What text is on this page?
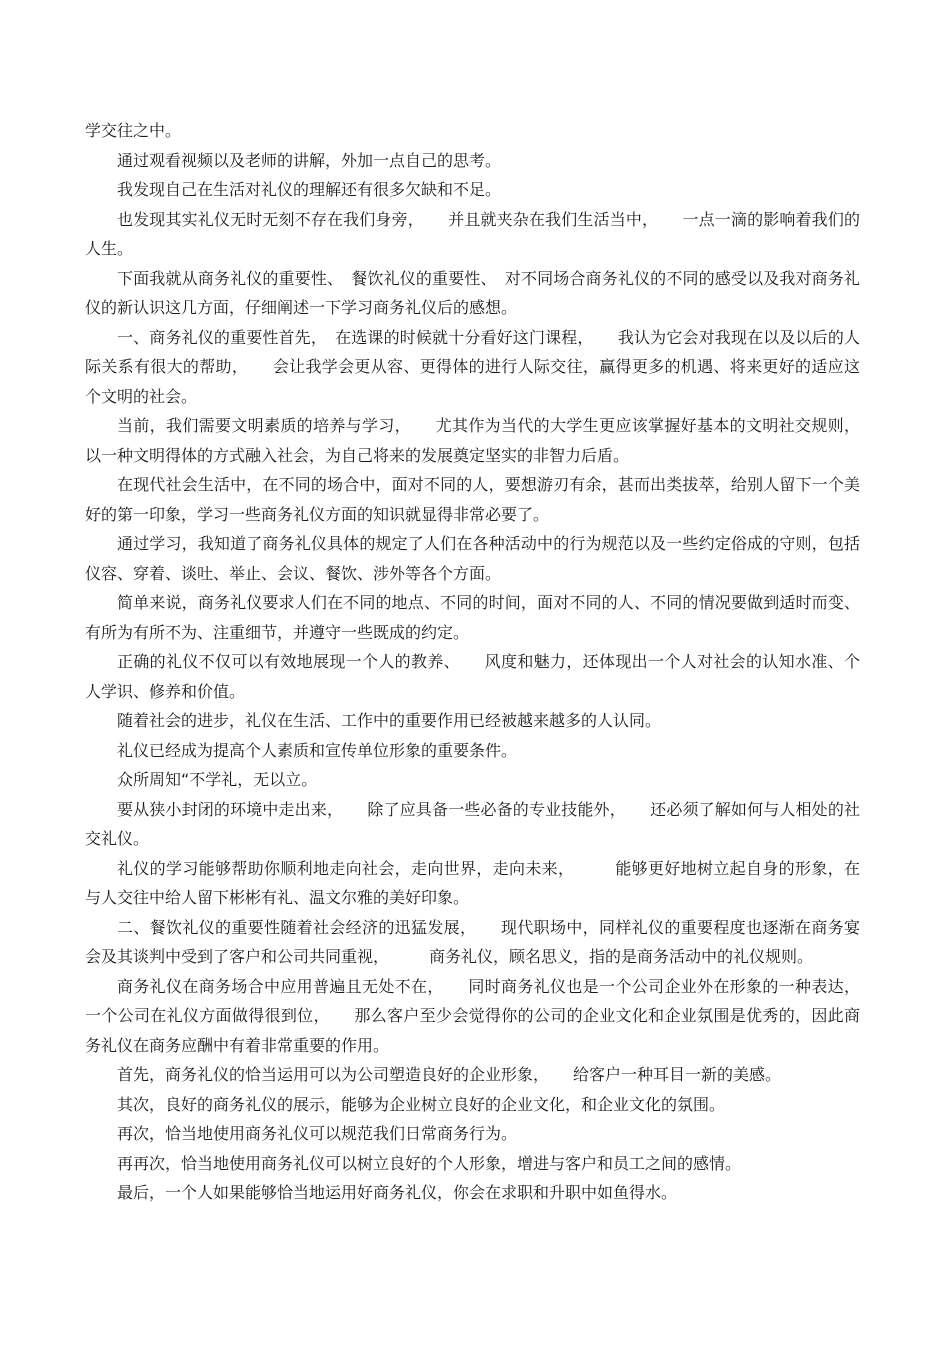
学交往之中。

通过观看视频以及老师的讲解，外加一点自己的思考。

我发现自己在生活对礼仪的理解还有很多欠缺和不足。

也发现其实礼仪无时无刻不存在我们身旁，　　并且就夹杂在我们生活当中，　　一点一滴的影响着我们的人生。

下面我就从商务礼仪的重要性、　餐饮礼仪的重要性、　对不同场合商务礼仪的不同的感受以及我对商务礼仪的新认识这几方面，仔细阐述一下学习商务礼仪后的感想。

一、商务礼仪的重要性首先，　在选课的时候就十分看好这门课程，　　我认为它会对我现在以及以后的人际关系有很大的帮助，　　会让我学会更从容、更得体的进行人际交往，赢得更多的机遇、将来更好的适应这个文明的社会。

当前，我们需要文明素质的培养与学习，　　尤其作为当代的大学生更应该掌握好基本的文明社交规则，以一种文明得体的方式融入社会，为自己将来的发展奠定坚实的非智力后盾。

在现代社会生活中，在不同的场合中，面对不同的人，要想游刃有余，甚而出类拔萃，给别人留下一个美好的第一印象，学习一些商务礼仪方面的知识就显得非常必要了。

通过学习，我知道了商务礼仪具体的规定了人们在各种活动中的行为规范以及一些约定俗成的守则，包括仪容、穿着、谈吐、举止、会议、餐饮、涉外等各个方面。

简单来说，商务礼仪要求人们在不同的地点、不同的时间，面对不同的人、不同的情况要做到适时而变、有所为有所不为、注重细节，并遵守一些既成的约定。

正确的礼仪不仅可以有效地展现一个人的教养、　　风度和魅力，还体现出一个人对社会的认知水准、个人学识、修养和价值。

随着社会的进步，礼仪在生活、工作中的重要作用已经被越来越多的人认同。

礼仪已经成为提高个人素质和宣传单位形象的重要条件。

众所周知“不学礼，无以立。

要从狭小封闭的环境中走出来，　　除了应具备一些必备的专业技能外，　　还必须了解如何与人相处的社交礼仪。

礼仪的学习能够帮助你顺利地走向社会，走向世界，走向未来，　　　能够更好地树立起自身的形象，在与人交往中给人留下彬彬有礼、温文尔雅的美好印象。

二、餐饮礼仪的重要性随着社会经济的迅猛发展，　　现代职场中，同样礼仪的重要程度也逐渐在商务宴会及其谈判中受到了客户和公司共同重视，　　　商务礼仪，顾名思义，指的是商务活动中的礼仪规则。

商务礼仪在商务场合中应用普遍且无处不在，　　同时商务礼仪也是一个公司企业外在形象的一种表达，一个公司在礼仪方面做得很到位，　　那么客户至少会觉得你的公司的企业文化和企业氛围是优秀的，因此商务礼仪在商务应酬中有着非常重要的作用。

首先，商务礼仪的恰当运用可以为公司塑造良好的企业形象，　　给客户一种耳目一新的美感。

其次，良好的商务礼仪的展示，能够为企业树立良好的企业文化，和企业文化的氛围。

再次，恰当地使用商务礼仪可以规范我们日常商务行为。

再再次，恰当地使用商务礼仪可以树立良好的个人形象，增进与客户和员工之间的感情。

最后，一个人如果能够恰当地运用好商务礼仪，你会在求职和升职中如鱼得水。
